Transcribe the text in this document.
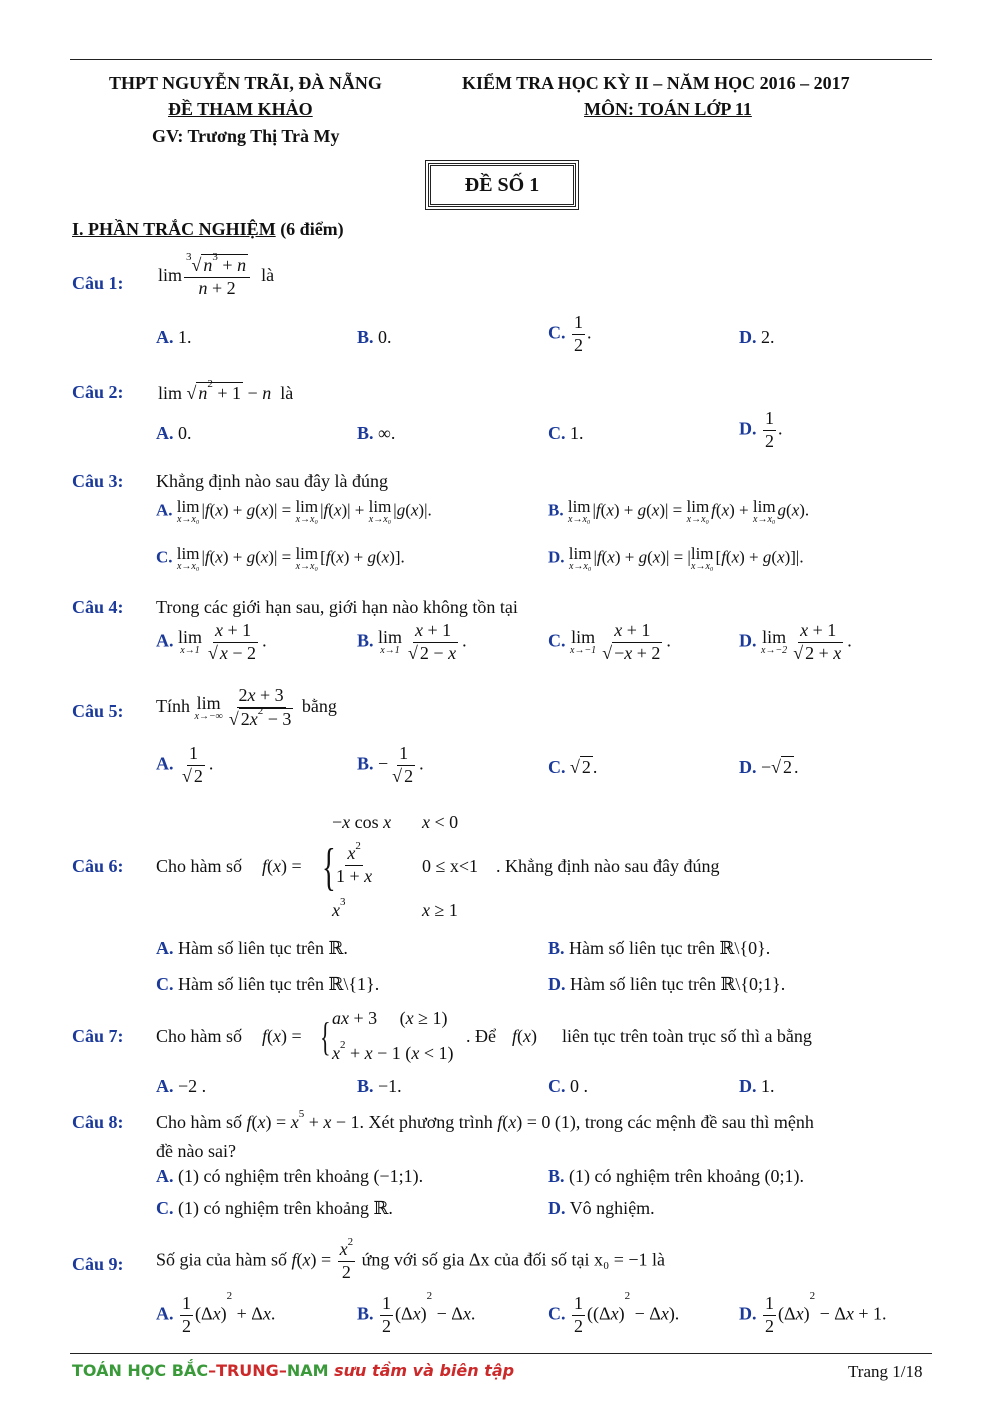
THPT NGUYỄN TRÃI, ĐÀ NẴNG
ĐỀ THAM KHẢO
GV: Trương Thị Trà My
KIỂM TRA HỌC KỲ II – NĂM HỌC 2016 – 2017
MÔN: TOÁN LỚP 11
ĐỀ SỐ 1
I. PHẦN TRẮC NGHIỆM (6 điểm)
Câu 1: $\lim \frac{^3√ n^3 + n}{n + 2}$ là
A. 1.	B. 0.	C. $\frac{1}{2}$ .	D. 2.
Câu 2: lim √ $n^2 + 1 - n$ là
A. 0.	B. ∞.	C. 1.	D. $\frac{1}{2}$ .
Câu 3: Khẳng định nào sau đây là đúng
A. lim
x→x₀
|f(x) + g(x)| = lim
x→x₀
|f(x)| + lim
x→x₀
|g(x)|.	B. lim
x→x₀
|f(x) + g(x)| = lim
x→x₀
f(x) + lim
x→x₀
g(x).
C. lim
x→x₀
|f(x) + g(x)| = lim
x→x₀
[f(x) + g(x)].	D. lim
x→x₀
|f(x) + g(x)| = |lim
x→x₀
[f(x) + g(x)]|.
Câu 4: Trong các giới hạn sau, giới hạn nào không tồn tại
A. lim
$x\to 1 \frac{x + 1}{√ x - 2}$ .	B. lim
$x\to 1 \frac{x + 1}{√ 2 - x}$ .	C. lim
$x\to-1 \frac{x + 1}{√ -x + 2}$ .	D. lim
$x\to-2 \frac{x + 1}{√ 2 + x}$ .
Câu 5: Tính lim
$x\to-\infty \frac{2x + 3}{√ 2x^2 - 3}$ bằng
A. $\frac{1}{√ 2}$ .	B. − $\frac{1}{√ 2}$ .	C. √ 2 .	D. −√ 2 .
Câu 6: Cho hàm số f(x) = {
−x cos x x < 0
$\frac{x^2}{1 + x}$	0 ≤ x<1 . Khẳng định nào sau đây đúng
$x^3$	x ≥ 1
A. Hàm số liên tục trên ℝ.	B. Hàm số liên tục trên ℝ\{0}.
C. Hàm số liên tục trên ℝ\{1}.	D. Hàm số liên tục trên ℝ\{0;1}.
Câu 7: Cho hàm số f(x) = { ax + 3     (x ≥ 1)
$x^2 + x - 1$ (x < 1)
. Để f(x) liên tục trên toàn trục số thì a bằng
A. −2 .	B. −1.	C. 0 .	D. 1.
Câu 8: Cho hàm số $f(x) = x^5 + x - 1$. Xét phương trình f(x) = 0 (1), trong các mệnh đề sau thì mệnh
đề nào sai?
A. (1) có nghiệm trên khoảng (−1;1).	B. (1) có nghiệm trên khoảng (0;1).
C. (1) có nghiệm trên khoảng ℝ.	D. Vô nghiệm.
Câu 9: Số gia của hàm số $f(x) = \frac{x^2}{2}$ ứng với số gia Δx của đối số tại x₀ = −1 là
A. $\frac{1}{2} (\Delta x)^2 + \Delta x$.	B. $\frac{1}{2} (\Delta x)^2 - \Delta x$.	C. $\frac{1}{2} ((\Delta x)^2 - \Delta x)$.	D. $\frac{1}{2} (\Delta x)^2 - \Delta x + 1$.
TOÁN HỌC BẮC–TRUNG–NAM sưu tầm và biên tập	Trang 1/18
